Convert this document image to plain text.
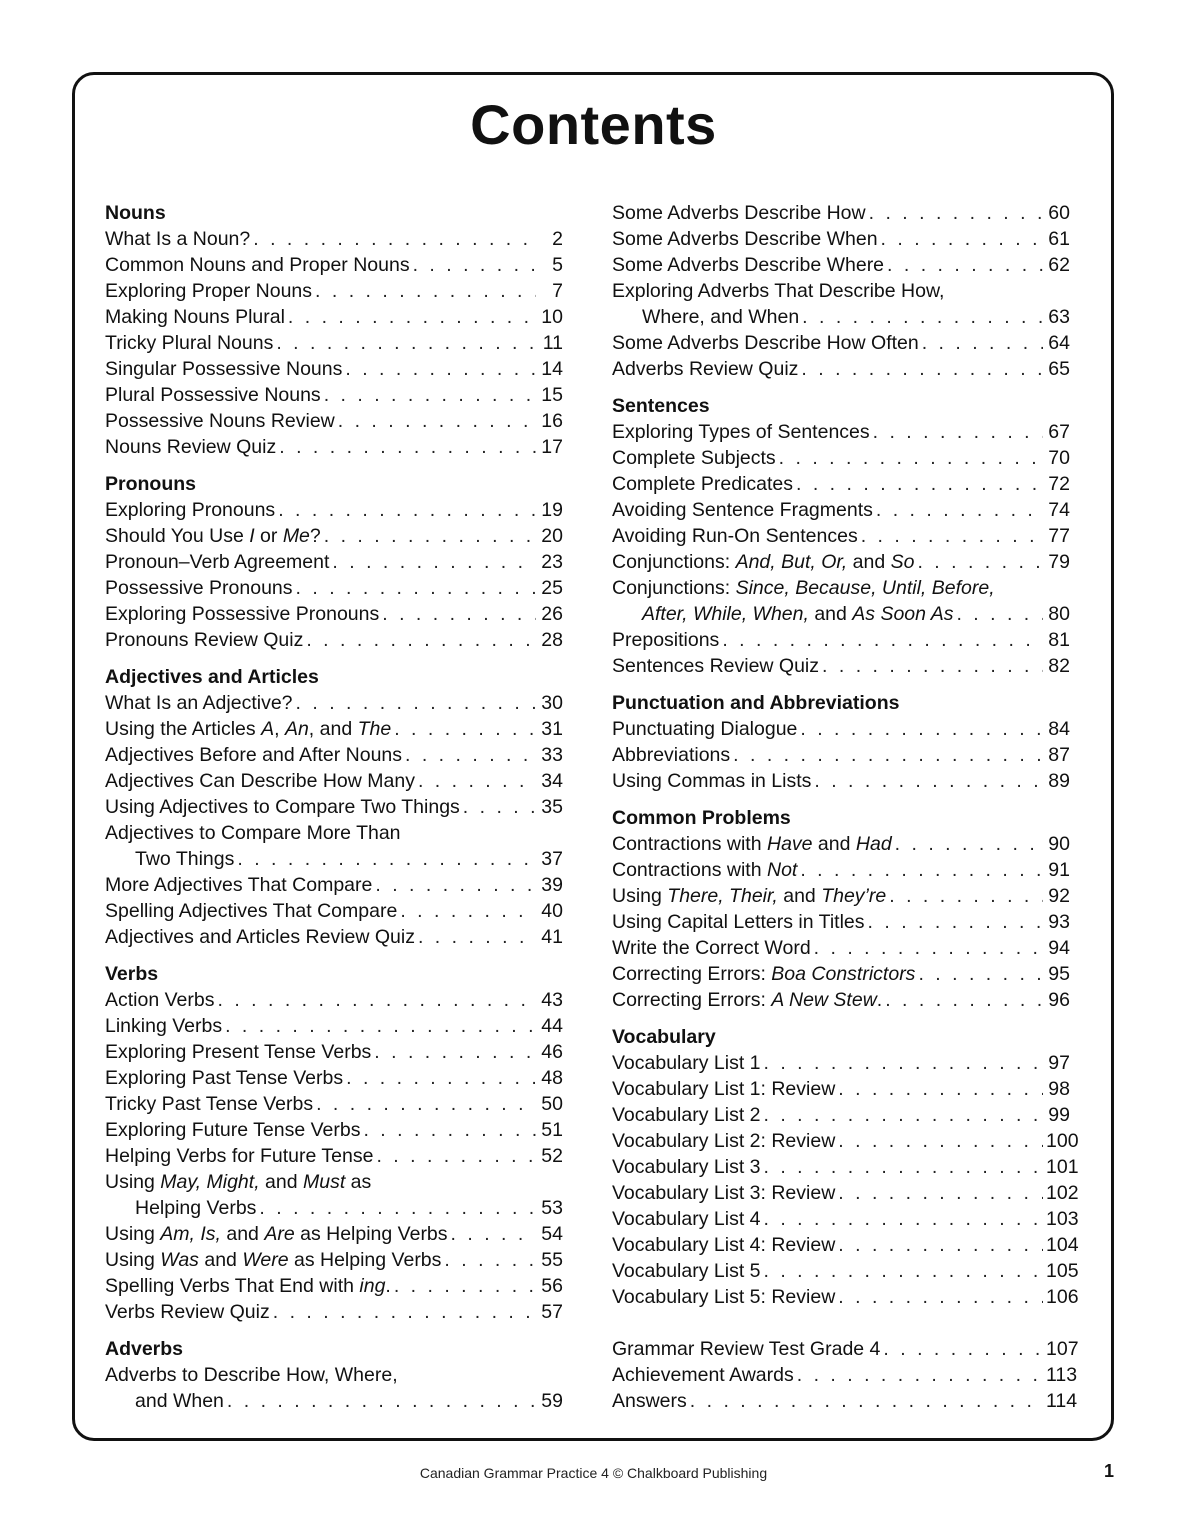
Contents
Nouns
What Is a Noun? . . .	2
Common Nouns and Proper Nouns . . .	5
Exploring Proper Nouns . . .	7
Making Nouns Plural . . .	10
Tricky Plural Nouns . . .	11
Singular Possessive Nouns . . .	14
Plural Possessive Nouns . . .	15
Possessive Nouns Review . . .	16
Nouns Review Quiz . . .	17
Pronouns
Exploring Pronouns . . .	19
Should You Use I or Me? . . .	20
Pronoun–Verb Agreement . . .	23
Possessive Pronouns . . .	25
Exploring Possessive Pronouns . . .	26
Pronouns Review Quiz . . .	28
Adjectives and Articles
What Is an Adjective? . . .	30
Using the Articles A, An, and The . . .	31
Adjectives Before and After Nouns . . .	33
Adjectives Can Describe How Many . . .	34
Using Adjectives to Compare Two Things . . .	35
Adjectives to Compare More Than
Two Things . . .	37
More Adjectives That Compare . . .	39
Spelling Adjectives That Compare . . .	40
Adjectives and Articles Review Quiz . . .	41
Verbs
Action Verbs . . .	43
Linking Verbs . . .	44
Exploring Present Tense Verbs . . .	46
Exploring Past Tense Verbs . . .	48
Tricky Past Tense Verbs . . .	50
Exploring Future Tense Verbs . . .	51
Helping Verbs for Future Tense . . .	52
Using May, Might, and Must as
Helping Verbs . . .	53
Using Am, Is, and Are as Helping Verbs . . .	54
Using Was and Were as Helping Verbs . . .	55
Spelling Verbs That End with ing. . . .	56
Verbs Review Quiz . . .	57
Adverbs
Adverbs to Describe How, Where,
and When . . .	59
Some Adverbs Describe How . . .	60
Some Adverbs Describe When . . .	61
Some Adverbs Describe Where . . .	62
Exploring Adverbs That Describe How,
Where, and When . . .	63
Some Adverbs Describe How Often . . .	64
Adverbs Review Quiz . . .	65
Sentences
Exploring Types of Sentences . . .	67
Complete Subjects . . .	70
Complete Predicates . . .	72
Avoiding Sentence Fragments . . .	74
Avoiding Run-On Sentences . . .	77
Conjunctions: And, But, Or, and So . . .	79
Conjunctions: Since, Because, Until, Before,
After, While, When, and As Soon As . . .	80
Prepositions . . .	81
Sentences Review Quiz . . .	82
Punctuation and Abbreviations
Punctuating Dialogue . . .	84
Abbreviations . . .	87
Using Commas in Lists . . .	89
Common Problems
Contractions with Have and Had . . .	90
Contractions with Not . . .	91
Using There, Their, and They’re . . .	92
Using Capital Letters in Titles . . .	93
Write the Correct Word . . .	94
Correcting Errors: Boa Constrictors . . .	95
Correcting Errors: A New Stew. . . .	96
Vocabulary
Vocabulary List 1 . . .	97
Vocabulary List 1: Review . . .	98
Vocabulary List 2 . . .	99
Vocabulary List 2: Review . . .	100
Vocabulary List 3 . . .	101
Vocabulary List 3: Review . . .	102
Vocabulary List 4 . . .	103
Vocabulary List 4: Review . . .	104
Vocabulary List 5 . . .	105
Vocabulary List 5: Review . . .	106
Grammar Review Test Grade 4 . . .	107
Achievement Awards . . .	113
Answers . . .	114
Canadian Grammar Practice 4 © Chalkboard Publishing	1
